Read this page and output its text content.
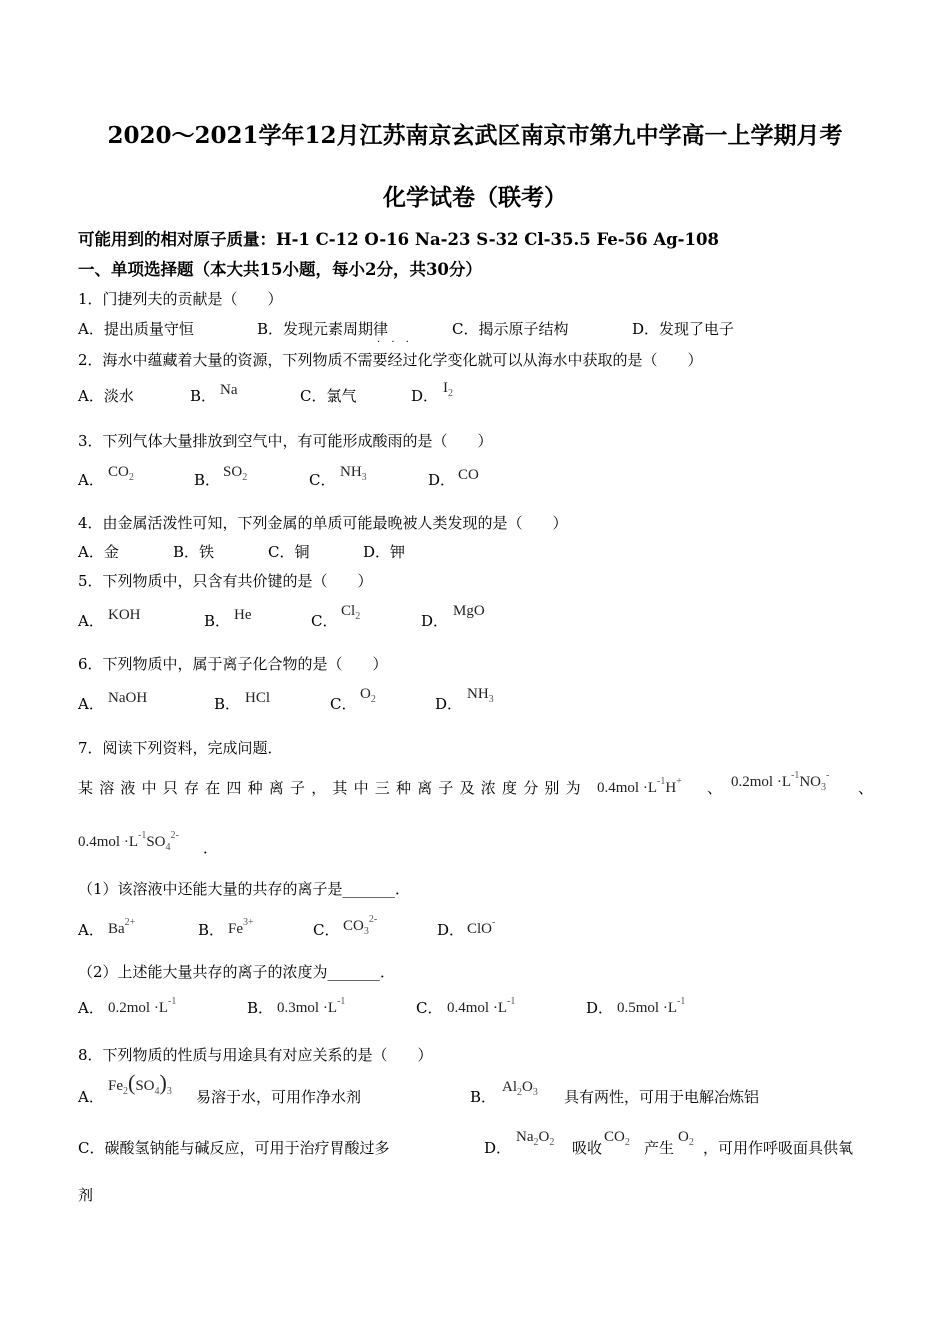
2020～2021学年12月江苏南京玄武区南京市第九中学高一上学期月考
化学试卷（联考）
可能用到的相对原子质量：H-1 C-12 O-16 Na-23 S-32 Cl-35.5 Fe-56 Ag-108
一、单项选择题（本大共15小题，每小2分，共30分）
1．门捷列夫的贡献是（　　）
A．提出质量守恒	B．发现元素周期律	C．揭示原子结构	D．发现了电子
· · ·
2．海水中蕴藏着大量的资源，下列物质不需要经过化学变化就可以从海水中获取的是（　　）
A．淡水	B． Na	C．氯气	D． $I_2$
3．下列气体大量排放到空气中，有可能形成酸雨的是（　　）
A． $CO_2$	B． $SO_2$	C． $NH_3$	D． CO
4．由金属活泼性可知，下列金属的单质可能最晚被人类发现的是（　　）
A．金	B．铁	C．铜	D．钾
5．下列物质中，只含有共价键的是（　　）
A． KOH	B． He	C．
$Cl_2$	D．
MgO
6．下列物质中，属于离子化合物的是（　　）
A． NaOH	B． HCl	C．
$O_2$	D．
$NH_3$
7．阅读下列资料，完成问题．
某溶液中只存在四种离子，其中三种离子及浓度分别为 $0.4mol \cdot L^{-1}H^+$ 、 $0.2mol \cdot L^{-1}NO_3^-$
、
$0.4mol \cdot L^{-1}SO_4^{2-}$
．
（1）该溶液中还能大量的共存的离子是_______．
A． $Ba^{2+}$	B． $Fe^{3+}$	C． $CO_3^{2-}$
D． ClO-
（2）上述能大量共存的离子的浓度为_______．
A． $0.2mol \cdot L^{-1}$	B． $0.3mol \cdot L^{-1}$	C． $0.4mol \cdot L^{-1}$	D． $0.5mol \cdot L^{-1}$
8．下列物质的性质与用途具有对应关系的是（　　）
A．
$Fe_2(SO_4)_3$ 易溶于水，可用作净水剂	B．
$Al_2O_3$ 具有两性，可用于电解冶炼铝
C．碳酸氢钠能与碱反应，可用于治疗胃酸过多	D．
$Na_2O_2$ 吸收
$CO_2$ 产生
$O_2$ ，可用作呼吸面具供氧
剂
